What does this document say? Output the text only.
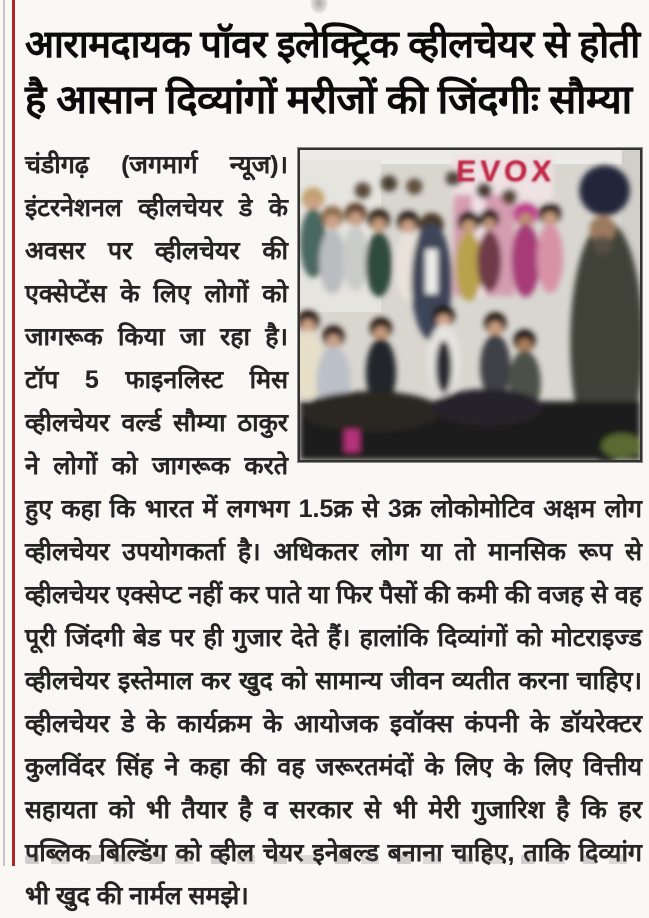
आरामदायक पॉवर इलेक्ट्रिक व्हीलचेयर से होती
है आसान दिव्यांगों मरीजों की जिंदगीः सौम्या
EVOX
चंडीगढ़ (जगमार्ग न्यूज)। इंटरनेशनल व्हीलचेयर डे के अवसर पर व्हीलचेयर की एक्सेप्टेंस के लिए लोगों को जागरूक किया जा रहा है। टॉप 5 फाइनलिस्ट मिस व्हीलचेयर वर्ल्ड सौम्या ठाकुर ने लोगों को जागरूक करते हुए कहा कि भारत में लगभग 1.5क्र से 3क्र लोकोमोटिव अक्षम लोग व्हीलचेयर उपयोगकर्ता है। अधिकतर लोग या तो मानसिक रूप से व्हीलचेयर एक्सेप्ट नहीं कर पाते या फिर पैसों की कमी की वजह से वह पूरी जिंदगी बेड पर ही गुजार देते हैं। हालांकि दिव्यांगों को मोटराइज्ड व्हीलचेयर इस्तेमाल कर खुद को सामान्य जीवन व्यतीत करना चाहिए। व्हीलचेयर डे के कार्यक्रम के आयोजक इवॉक्स कंपनी के डॉयरेक्टर कुलविंदर सिंह ने कहा की वह जरूरतमंदों के लिए के लिए वित्तीय सहायता को भी तैयार है व सरकार से भी मेरी गुजारिश है कि हर पब्लिक बिल्डिंग को व्हील चेयर इनेबल्ड बनाना चाहिए, ताकि दिव्यांग भी खुद की नार्मल समझे।
